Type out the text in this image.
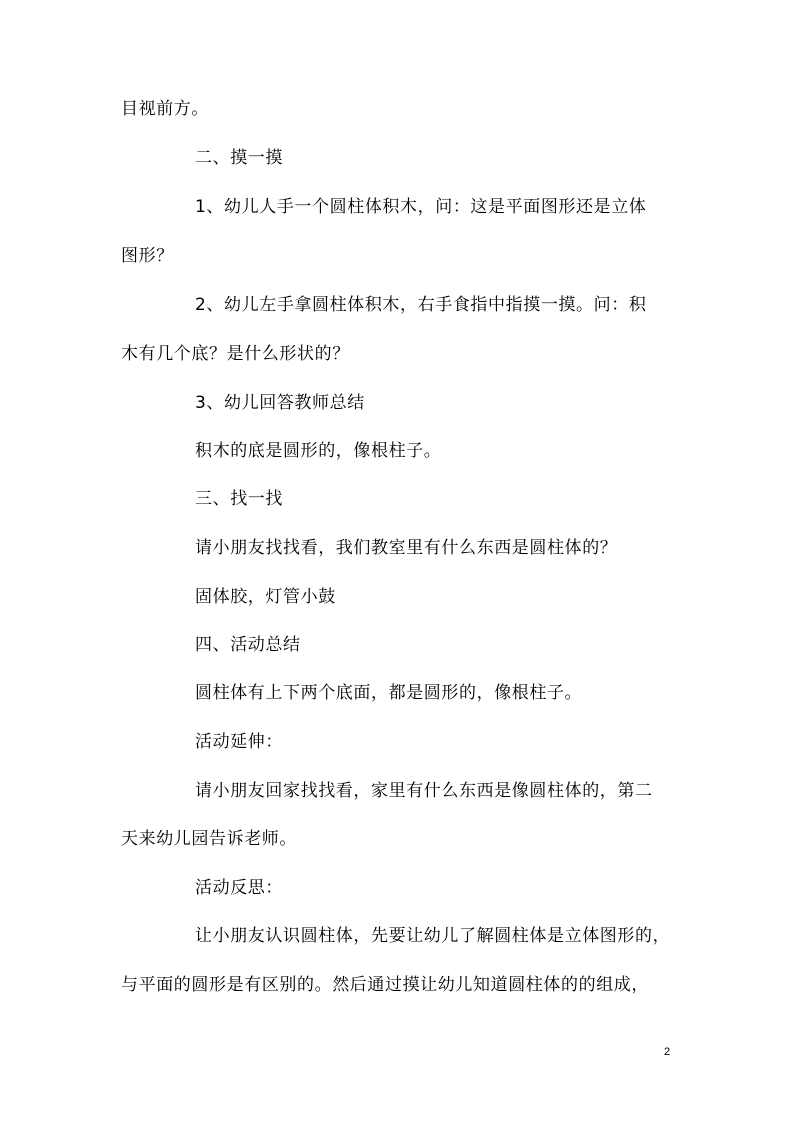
目视前方。
二、摸一摸
1、幼儿人手一个圆柱体积木，问：这是平面图形还是立体
图形？
2、幼儿左手拿圆柱体积木，右手食指中指摸一摸。问：积
木有几个底？是什么形状的？
3、幼儿回答教师总结
积木的底是圆形的，像根柱子。
三、找一找
请小朋友找找看，我们教室里有什么东西是圆柱体的？
固体胶，灯管小鼓
四、活动总结
圆柱体有上下两个底面，都是圆形的，像根柱子。
活动延伸：
请小朋友回家找找看，家里有什么东西是像圆柱体的，第二
天来幼儿园告诉老师。
活动反思：
让小朋友认识圆柱体，先要让幼儿了解圆柱体是立体图形的，
与平面的圆形是有区别的。然后通过摸让幼儿知道圆柱体的的组成，
2
